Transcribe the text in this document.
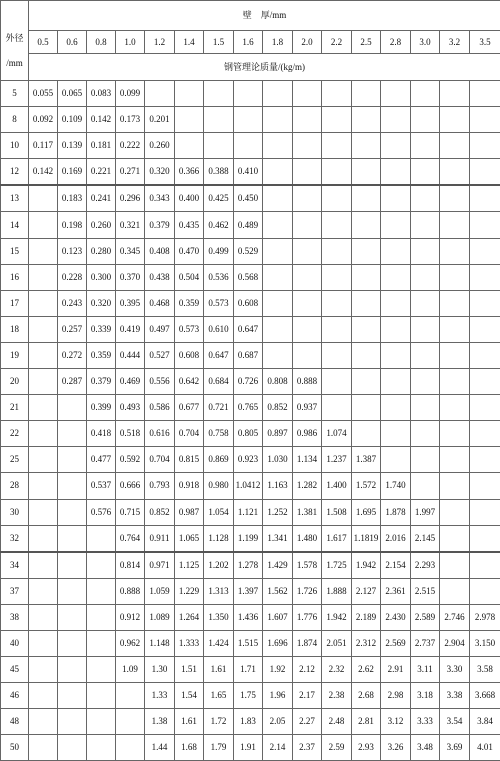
外径
/mm	壁　厚/mm															
	0.5	0.6	0.8	1.0	1.2	1.4	1.5	1.6	1.8	2.0	2.2	2.5	2.8	3.0	3.2	3.5
	钢管理论质量/(kg/m)															
5	0.055	0.065	0.083	0.099												
8	0.092	0.109	0.142	0.173	0.201											
10	0.117	0.139	0.181	0.222	0.260											
12	0.142	0.169	0.221	0.271	0.320	0.366	0.388	0.410								
13		0.183	0.241	0.296	0.343	0.400	0.425	0.450								
14		0.198	0.260	0.321	0.379	0.435	0.462	0.489								
15		0.123	0.280	0.345	0.408	0.470	0.499	0.529								
16		0.228	0.300	0.370	0.438	0.504	0.536	0.568								
17		0.243	0.320	0.395	0.468	0.359	0.573	0.608								
18		0.257	0.339	0.419	0.497	0.573	0.610	0.647								
19		0.272	0.359	0.444	0.527	0.608	0.647	0.687								
20		0.287	0.379	0.469	0.556	0.642	0.684	0.726	0.808	0.888						
21			0.399	0.493	0.586	0.677	0.721	0.765	0.852	0.937						
22			0.418	0.518	0.616	0.704	0.758	0.805	0.897	0.986	1.074					
25			0.477	0.592	0.704	0.815	0.869	0.923	1.030	1.134	1.237	1.387				
28			0.537	0.666	0.793	0.918	0.980	1.0412	1.163	1.282	1.400	1.572	1.740			
30			0.576	0.715	0.852	0.987	1.054	1.121	1.252	1.381	1.508	1.695	1.878	1.997		
32				0.764	0.911	1.065	1.128	1.199	1.341	1.480	1.617	1.1819	2.016	2.145		
34				0.814	0.971	1.125	1.202	1.278	1.429	1.578	1.725	1.942	2.154	2.293		
37				0.888	1.059	1.229	1.313	1.397	1.562	1.726	1.888	2.127	2.361	2.515		
38				0.912	1.089	1.264	1.350	1.436	1.607	1.776	1.942	2.189	2.430	2.589	2.746	2.978
40				0.962	1.148	1.333	1.424	1.515	1.696	1.874	2.051	2.312	2.569	2.737	2.904	3.150
45				1.09	1.30	1.51	1.61	1.71	1.92	2.12	2.32	2.62	2.91	3.11	3.30	3.58
46					1.33	1.54	1.65	1.75	1.96	2.17	2.38	2.68	2.98	3.18	3.38	3.668
48					1.38	1.61	1.72	1.83	2.05	2.27	2.48	2.81	3.12	3.33	3.54	3.84
50					1.44	1.68	1.79	1.91	2.14	2.37	2.59	2.93	3.26	3.48	3.69	4.01
